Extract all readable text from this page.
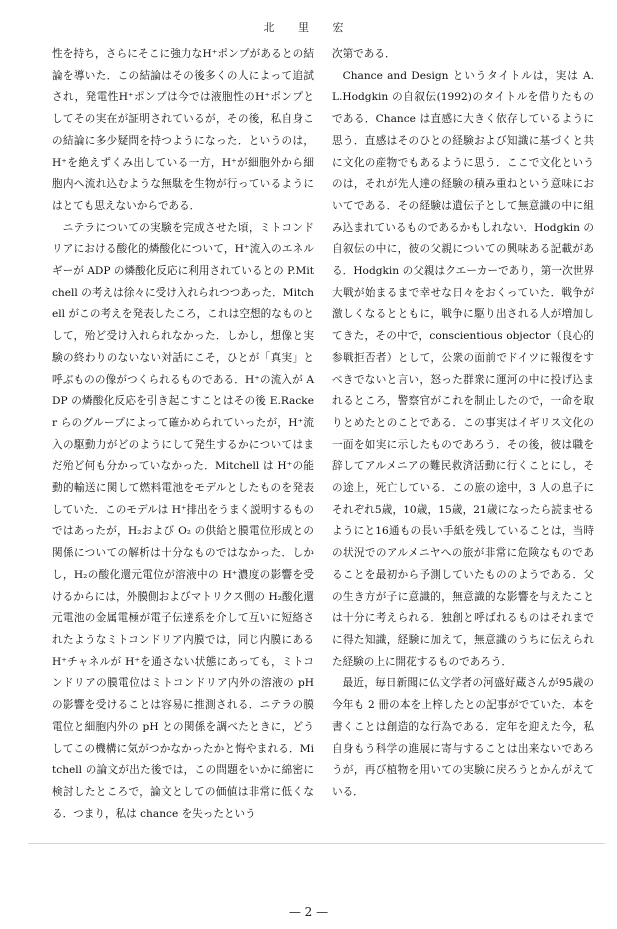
北 里 宏

性を持ち，さらにそこに強力なH⁺ポンプがあるとの結論を導いた．この結論はその後多くの人によって追試され，発電性H⁺ポンプは今では液胞性のH⁺ポンプとしてその実在が証明されているが，その後，私自身この結論に多少疑問を持つようになった．というのは，H⁺を絶えずくみ出している一方，H⁺が細胞外から細胞内へ流れ込むような無駄を生物が行っているようにはとても思えないからである．

ニテラについての実験を完成させた頃，ミトコンドリアにおける酸化的燐酸化について，H⁺流入のエネルギーが ADP の燐酸化反応に利用されているとの P.Mitchell の考えは徐々に受け入れられつつあった．Mitchell がこの考えを発表したころ，これは空想的なものとして，殆ど受け入れられなかった．しかし，想像と実験の終わりのないない対話にこそ，ひとが「真実」と呼ぶものの像がつくられるものである．H⁺の流入が ADP の燐酸化反応を引き起こすことはその後 E.Racker らのグループによって確かめられていったが，H⁺流入の駆動力がどのようにして発生するかについてはまだ殆ど何も分かっていなかった．Mitchell は H⁺の能動的輸送に関して燃料電池をモデルとしたものを発表していた．このモデルは H⁺排出をうまく説明するものではあったが，H₂および O₂ の供給と膜電位形成との関係についての解析は十分なものではなかった．しかし，H₂の酸化還元電位が溶液中の H⁺濃度の影響を受けるからには，外膜側およびマトリクス側の H₂酸化還元電池の金属電極が電子伝達系を介して互いに短絡されたようなミトコンドリア内膜では，同じ内膜にある H⁺チャネルが H⁺を通さない状態にあっても，ミトコンドリアの膜電位はミトコンドリア内外の溶液の pH の影響を受けることは容易に推測される．ニテラの膜電位と細胞内外の pH との関係を調べたときに，どうしてこの機構に気がつかなかったかと悔やまれる．Mitchell の論文が出た後では，この問題をいかに綿密に検討したところで，論文としての価値は非常に低くなる．つまり，私は chance を失ったという

次第である．

Chance and Design というタイトルは，実は A. L.Hodgkin の自叙伝(1992)のタイトルを借りたものである．Chance は直感に大きく依存しているように思う．直感はそのひとの経験および知識に基づくと共に文化の産物でもあるように思う．ここで文化というのは，それが先人達の経験の積み重ねという意味においてである．その経験は遺伝子として無意識の中に組み込まれているものであるかもしれない．Hodgkin の自叙伝の中に，彼の父親についての興味ある記載がある．Hodgkin の父親はクエーカーであり，第一次世界大戦が始まるまで幸せな日々をおくっていた．戦争が激しくなるとともに，戦争に駆り出される人が増加してきた，その中で，conscientious objector（良心的参戦拒否者）として，公衆の面前でドイツに報復をすべきでないと言い，怒った群衆に運河の中に投げ込まれるところ，警察官がこれを制止したので，一命を取りとめたとのことである．この事実はイギリス文化の一面を如実に示したものであろう．その後，彼は職を辞してアルメニアの難民救済活動に行くことにし，その途上，死亡している．この旅の途中，3 人の息子にそれぞれ5歳，10歳，15歳，21歳になったら読ませるようにと16通もの長い手紙を残していることは，当時の状況でのアルメニヤへの旅が非常に危険なものであることを最初から予測していたもののようである．父の生き方が子に意識的，無意識的な影響を与えたことは十分に考えられる．独創と呼ばれるものはそれまでに得た知識，経験に加えて，無意識のうちに伝えられた経験の上に開花するものであろう．

最近，毎日新聞に仏文学者の河盛好蔵さんが95歳の今年も 2 冊の本を上梓したとの記事がでていた．本を書くことは創造的な行為である．定年を迎えた今，私自身もう科学の進展に寄与することは出来ないであろうが，再び植物を用いての実験に戻ろうとかんがえている．

— 2 —
